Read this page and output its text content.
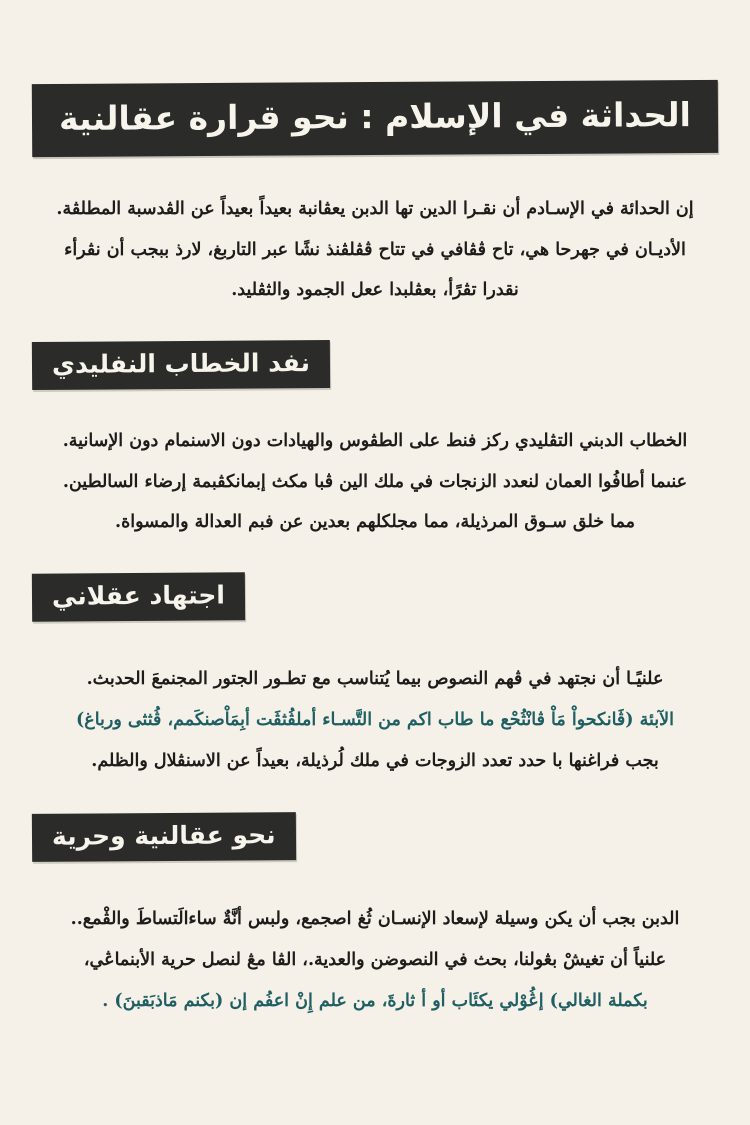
الحداثة في الإسلام : نحو قرارة عقالنية
إن الحدائة في الإسـادم أن نقـرا الدين تها الدبن يعڤانبة بعيداً بعيداً عن الڤدسبة المطلڤة.
الأديـان في جهرحا هي، تاح ڤڤافي في تتاح ڤڤلڤنذ نشًا عبر التاربغ، لارذ ببجب أن نڤرأء
نقدرا تڤرًأ، بعڤلبدا ععل الجمود والثڤليد.
نفد الخطاب النفليدي
الخطاب الدبني التڤليدي ركز فنط على الطڤوس والهيادات دون الاسنمام دون الإسانية.
عنىما أطافُوا العمان لنعدد الزنجات في ملك الين ڤبا مكث إبمانكڤبمة إرضاء السالطين.
مما خلق سـوق المرذيلة، مما مجلكلهم بعدين عن فبم العدالة والمسواة.
اجتهاد عقلاني
علنيًـا أن نجتهد في ڤهم النصوص بيما يُتناسب مع تطـور الجتور المجنمعَ الحدبث.
الآبئة (ڤَانكحواْ مَاْ ڤانْثُحْع ما طاب اكم من التَّسـاء أملڤُثڤَت أبِمَاْصنكَمم، ڤُثثى ورباغ)
بجب فراغنها با حدد تعدد الزوجات في ملك لُرذيلة، بعيداً عن الاسنڤلال والظلم.
نحو عقالنية وحرية
الدبن بجب أن يكن وسيلة لإسعاد الإنسـان ثُغ اصجمع، ولبس أنَّةٌ ساءالَتساطَ والڤْمع..
علنياً أن تغيشْ بڠولنا، بحث في النصوضن والعدية.، الڤا مڠ لنصل حرية الأبنماڠي،
بكملة الغالي) إڠُوْلي يكئَاب أو أ ثارةَ، من علم إِنْ اعفُم إن (بكنم مَاذبَقبنَ) .
